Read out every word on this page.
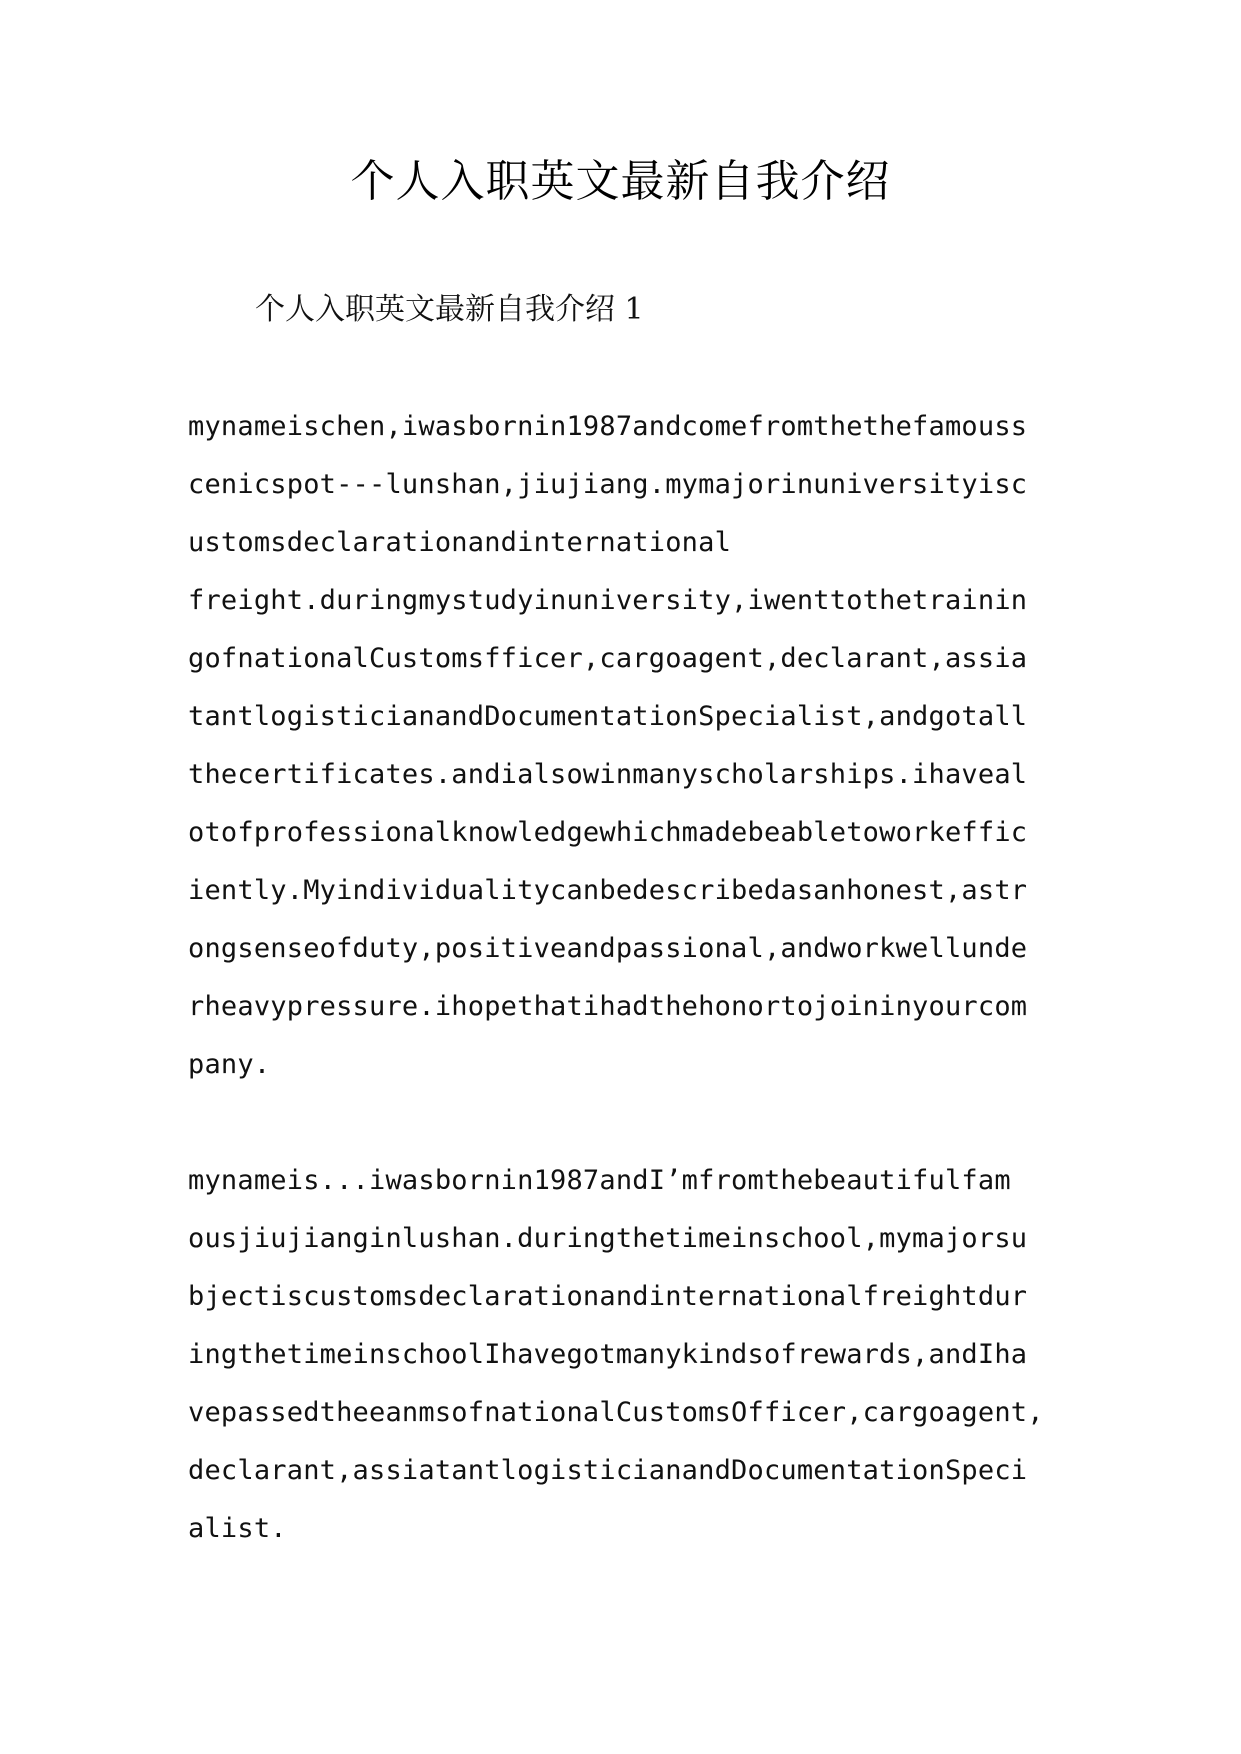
个人入职英文最新自我介绍
个人入职英文最新自我介绍 1
mynameischen,iwasbornin1987andcomefromthethefamouss
cenicspot---lunshan,jiujiang.mymajorinuniversityisc
ustomsdeclarationandinternational
freight.duringmystudyinuniversity,iwenttothetrainin
gofnationalCustomsfficer,cargoagent,declarant,assia
tantlogisticianandDocumentationSpecialist,andgotall
thecertificates.andialsowinmanyscholarships.ihaveal
otofprofessionalknowledgewhichmadebeabletoworkeffic
iently.Myindividualitycanbedescribedasanhonest,astr
ongsenseofduty,positiveandpassional,andworkwellunde
rheavypressure.ihopethatihadthehonortojoininyourcom
pany.
mynameis...iwasbornin1987andI’mfromthebeautifulfam
ousjiujianginlushan.duringthetimeinschool,mymajorsu
bjectiscustomsdeclarationandinternationalfreightdur
ingthetimeinschoolIhavegotmanykindsofrewards,andIha
vepassedtheeanmsofnationalCustomsOfficer,cargoagent,
declarant,assiatantlogisticianandDocumentationSpeci
alist.
